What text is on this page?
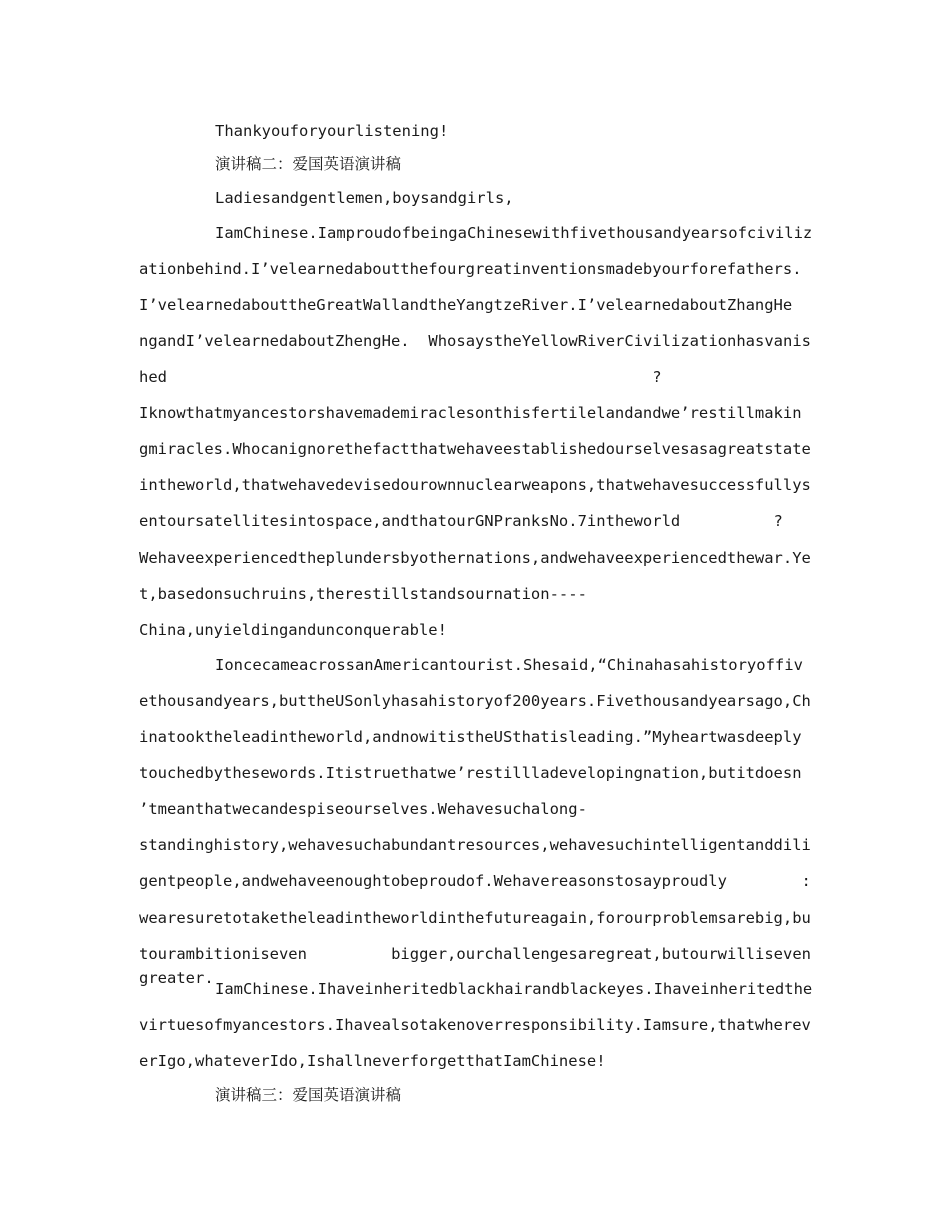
Thankyouforyourlistening!
演讲稿二：爱国英语演讲稿
Ladiesandgentlemen,boysandgirls,
IamChinese.IamproudofbeingaChinesewithfivethousandyearsofciviliz
ationbehind.I’velearnedaboutthefourgreatinventionsmadebyourforefathers.
I’velearnedabouttheGreatWallandtheYangtzeRiver.I’velearnedaboutZhangHe
ngandI’velearnedaboutZhengHe. WhosaystheYellowRiverCivilizationhasvanis
hed                                                    ?
Iknowthatmyancestorshavemademiraclesonthisfertilelandandwe’restillmakin
gmiracles.Whocanignorethefactthatwehaveestablishedourselvesasagreatstate
intheworld,thatwehavedevisedourownnuclearweapons,thatwehavesuccessfullys
entoursatellitesintospace,andthatourGNPranksNo.7intheworld          ?
Wehaveexperiencedtheplundersbyothernations,andwehaveexperiencedthewar.Ye
t,basedonsuchruins,therestillstandsournation----
China,unyieldingandunconquerable!
IoncecameacrossanAmericantourist.Shesaid,“Chinahasahistoryoffiv
ethousandyears,buttheUSonlyhasahistoryof200years.Fivethousandyearsago,Ch
inatooktheleadintheworld,andnowitistheUSthatisleading.”Myheartwasdeeply
touchedbythesewords.Itistruethatwe’restillladevelopingnation,butitdoesn
’tmeanthatwecandespiseourselves.Wehavesuchalong-
standinghistory,wehavesuchabundantresources,wehavesuchintelligentanddili
gentpeople,andwehaveenoughtobeproudof.Wehavereasonstosayproudly        :
wearesuretotaketheleadintheworldinthefutureagain,forourproblemsarebig,bu
tourambitioniseven bigger,ourchallengesaregreat,butourwilliseven greater.
IamChinese.Ihaveinheritedblackhairandblackeyes.Ihaveinheritedthe
virtuesofmyancestors.Ihavealsotakenoverresponsibility.Iamsure,thatwherev
erIgo,whateverIdo,IshallneverforgetthatIamChinese!
演讲稿三：爱国英语演讲稿
